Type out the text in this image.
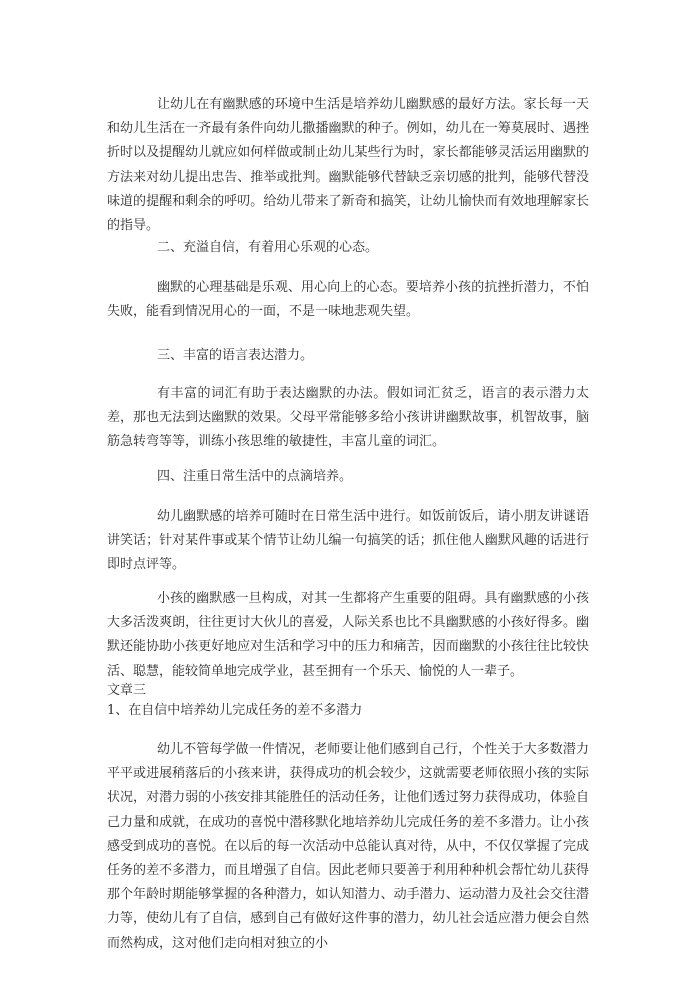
让幼儿在有幽默感的环境中生活是培养幼儿幽默感的最好方法。家长每一天和幼儿生活在一齐最有条件向幼儿撒播幽默的种子。例如，幼儿在一筹莫展时、遇挫折时以及提醒幼儿就应如何样做或制止幼儿某些行为时，家长都能够灵活运用幽默的方法来对幼儿提出忠告、推举或批判。幽默能够代替缺乏亲切感的批判，能够代替没味道的提醒和剩余的呼叨。给幼儿带来了新奇和搞笑，让幼儿愉快而有效地理解家长的指导。

二、充溢自信，有着用心乐观的心态。

幽默的心理基础是乐观、用心向上的心态。要培养小孩的抗挫折潜力，不怕失败，能看到情况用心的一面，不是一味地悲观失望。

三、丰富的语言表达潜力。

有丰富的词汇有助于表达幽默的办法。假如词汇贫乏，语言的表示潜力太差，那也无法到达幽默的效果。父母平常能够多给小孩讲讲幽默故事，机智故事，脑筋急转弯等等，训练小孩思维的敏捷性，丰富儿童的词汇。

四、注重日常生活中的点滴培养。

幼儿幽默感的培养可随时在日常生活中进行。如饭前饭后，请小朋友讲谜语讲笑话；针对某件事或某个情节让幼儿编一句搞笑的话；抓住他人幽默风趣的话进行即时点评等。

小孩的幽默感一旦构成，对其一生都将产生重要的阻碍。具有幽默感的小孩大多活泼爽朗，往往更讨大伙儿的喜爱，人际关系也比不具幽默感的小孩好得多。幽默还能协助小孩更好地应对生活和学习中的压力和痛苦，因而幽默的小孩往往比较快活、聪慧，能较简单地完成学业，甚至拥有一个乐天、愉悦的人一辈子。

文章三

1、在自信中培养幼儿完成任务的差不多潜力

幼儿不管每学做一件情况，老师要让他们感到自己行，个性关于大多数潜力平平或进展稍落后的小孩来讲，获得成功的机会较少，这就需要老师依照小孩的实际状况，对潜力弱的小孩安排其能胜任的活动任务，让他们透过努力获得成功，体验自己力量和成就，在成功的喜悦中潜移默化地培养幼儿完成任务的差不多潜力。让小孩感受到成功的喜悦。在以后的每一次活动中总能认真对待，从中，不仅仅掌握了完成任务的差不多潜力，而且增强了自信。因此老师只要善于利用种种机会帮忙幼儿获得那个年龄时期能够掌握的各种潜力，如认知潜力、动手潜力、运动潜力及社会交往潜力等，使幼儿有了自信，感到自己有做好这件事的潜力，幼儿社会适应潜力便会自然而然构成，这对他们走向相对独立的小
